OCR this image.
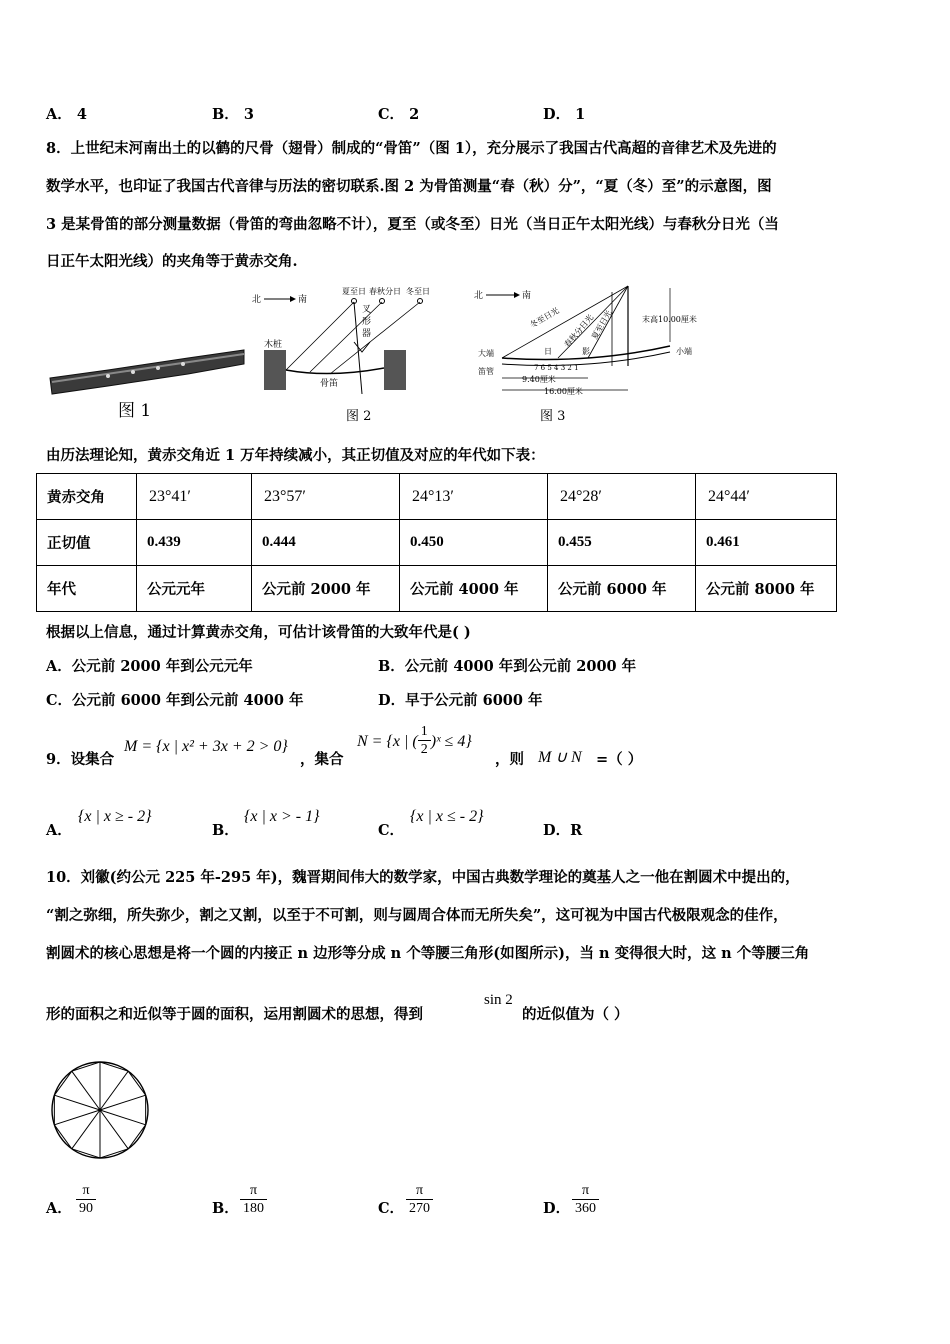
A． 4	B． 3	C． 2	D． 1
8．上世纪末河南出土的以鹤的尺骨（翅骨）制成的“骨笛”（图 1），充分展示了我国古代高超的音律艺术及先进的
数学水平，也印证了我国古代音律与历法的密切联系.图 2 为骨笛测量“春（秋）分”，“夏（冬）至”的示意图，图
3 是某骨笛的部分测量数据（骨笛的弯曲忽略不计），夏至（或冬至）日光（当日正午太阳光线）与春秋分日光（当
日正午太阳光线）的夹角等于黄赤交角.
图 1
北	南
夏至日 春秋分日 冬至日
木桩
叉
形
器
骨笛
图 2
北	南
冬至日光 春秋分日光
夏至日光
日	影
大端
笛管
小端
末高10.00厘米
7 6 5 4 3 2 1
9.40厘米
16.00厘米
图 3
由历法理论知，黄赤交角近 1 万年持续减小，其正切值及对应的年代如下表：
黄赤交角	23°41′	23°57′	24°13′	24°28′	24°44′
正切值	0.439	0.444	0.450	0.455	0.461
年代	公元元年	公元前 2000 年	公元前 4000 年	公元前 6000 年	公元前 8000 年
根据以上信息，通过计算黄赤交角，可估计该骨笛的大致年代是( )
A．公元前 2000 年到公元元年	B．公元前 4000 年到公元前 2000 年
C．公元前 6000 年到公元前 4000 年	D．早于公元前 6000 年
9．设集合
M = {x | x² + 3x + 2 > 0}
，集合
N = {x | ( $\frac{1}{2}$ )ˣ ≤ 4}
，则 M ∪ N =（ ）
A．
{x | x ≥ - 2}
B．
{x | x > - 1}
C．
{x | x ≤ - 2}
D．R
10．刘徽(约公元 225 年-295 年)，魏晋期间伟大的数学家，中国古典数学理论的奠基人之一他在割圆术中提出的，
“割之弥细，所失弥少，割之又割，以至于不可割，则与圆周合体而无所失矣”，这可视为中国古代极限观念的佳作，
割圆术的核心思想是将一个圆的内接正 n 边形等分成 n 个等腰三角形(如图所示)，当 n 变得很大时，这 n 个等腰三角
形的面积之和近似等于圆的面积，运用割圆术的思想，得到
sin 2
的近似值为（ ）
A． $\frac{\pi}{90}$	B． $\frac{\pi}{180}$	C． $\frac{\pi}{270}$	D． $\frac{\pi}{360}$
